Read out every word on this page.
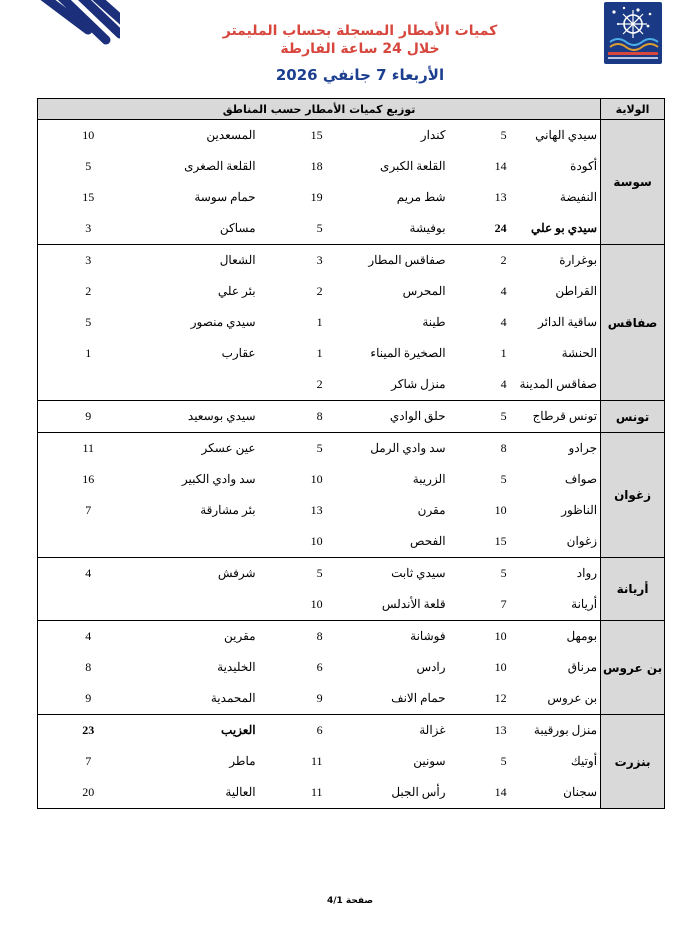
كميات الأمطار المسجلة بحساب المليمتر
خلال 24 ساعة الفارطة
الأربعاء 7 جانفي 2026
الولاية	توزيع كميات الأمطار حسب المناطق					
سوسة	سيدي الهاني	5	كندار	15	المسعدين	10
	أكودة	14	القلعة الكبرى	18	القلعة الصغرى	5
	النفيضة	13	شط مريم	19	حمام سوسة	15
	سيدي بو علي	24	بوفيشة	5	مساكن	3
صفاقس	بوغرارة	2	صفاقس المطار	3	الشعال	3
	القراطن	4	المحرس	2	بئر علي	2
	ساقية الدائر	4	طينة	1	سيدي منصور	5
	الحنشة	1	الصخيرة الميناء	1	عقارب	1
	صفاقس المدينة	4	منزل شاكر	2		
تونس	تونس قرطاج	5	حلق الوادي	8	سيدي بوسعيد	9
زغوان	جرادو	8	سد وادي الرمل	5	عين عسكر	11
	صواف	5	الزريبة	10	سد وادي الكبير	16
	الناظور	10	مقرن	13	بئر مشارقة	7
	زغوان	15	الفحص	10		
أريانة	رواد	5	سيدي ثابت	5	شرفش	4
	أريانة	7	قلعة الأندلس	10		
بن عروس	بومهل	10	فوشانة	8	مقرين	4
	مرناق	10	رادس	6	الخليدية	8
	بن عروس	12	حمام الانف	9	المحمدية	9
بنزرت	منزل بورقيبة	13	غزالة	6	العزيب	23
	أوتيك	5	سونين	11	ماطر	7
	سجنان	14	رأس الجبل	11	العالية	20
صفحة 4/1
